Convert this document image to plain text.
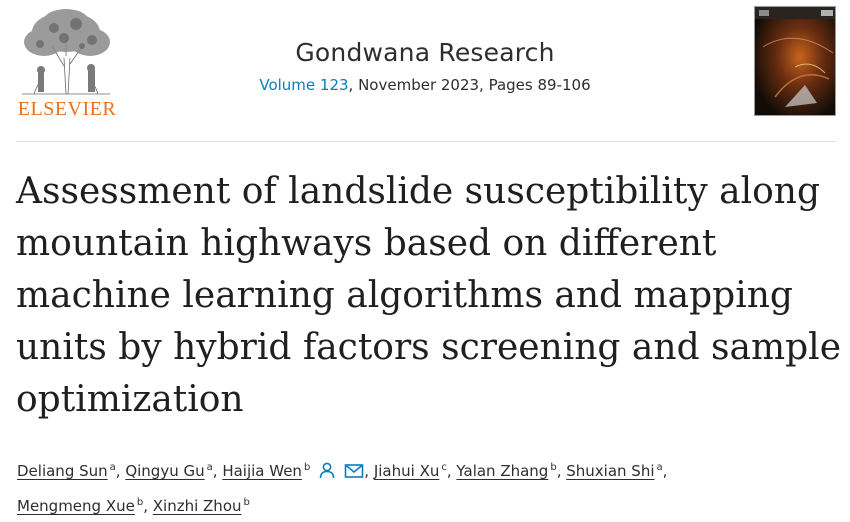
ELSEVIER
Gondwana Research
Volume 123, November 2023, Pages 89-106
Assessment of landslide susceptibility along
mountain highways based on different
machine learning algorithms and mapping
units by hybrid factors screening and sample
optimization
Deliang Sun $^a$, Qingyu Gu $^a$, Haijia Wen $^b$	, Jiahui Xu $^c$, Yalan Zhang $^b$, Shuxian Shi $^a$,
Mengmeng Xue $^b$, Xinzhi Zhou $^b$
